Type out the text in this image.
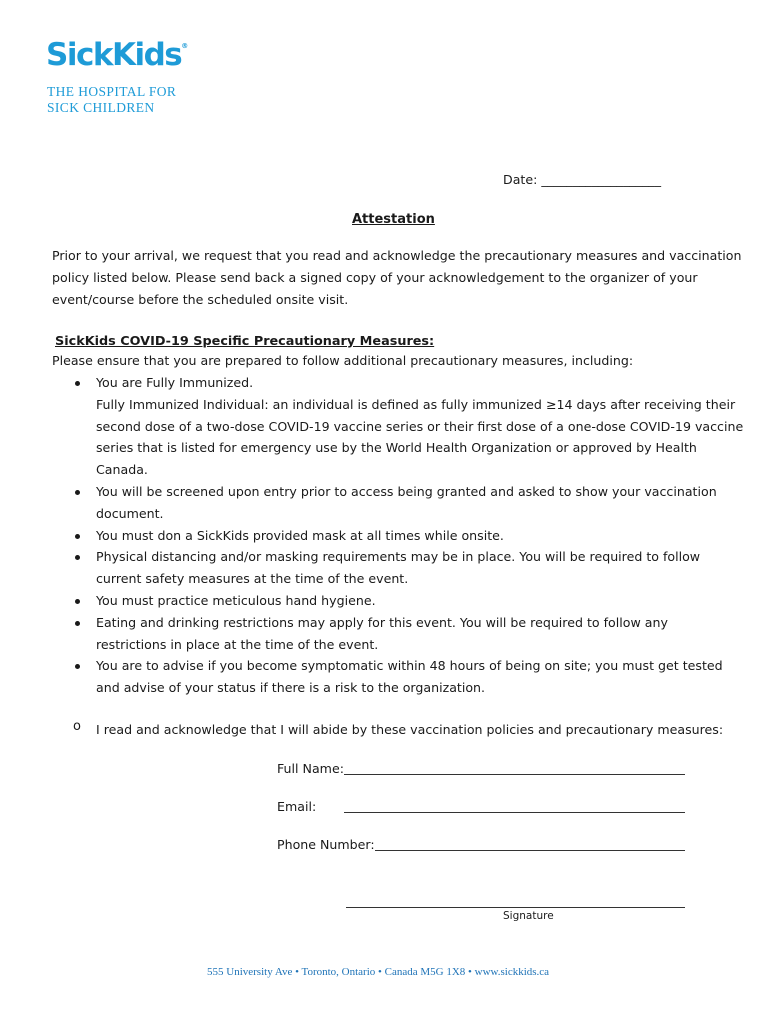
SickKids®
THE HOSPITAL FOR
SICK CHILDREN
Date: ___________________
Attestation
Prior to your arrival, we request that you read and acknowledge the precautionary measures and vaccination
policy listed below. Please send back a signed copy of your acknowledgement to the organizer of your
event/course before the scheduled onsite visit.
SickKids COVID-19 Specific Precautionary Measures:
Please ensure that you are prepared to follow additional precautionary measures, including:
You are Fully Immunized.
Fully Immunized Individual: an individual is defined as fully immunized ≥14 days after receiving their
second dose of a two-dose COVID-19 vaccine series or their first dose of a one-dose COVID-19 vaccine
series that is listed for emergency use by the World Health Organization or approved by Health
Canada.
You will be screened upon entry prior to access being granted and asked to show your vaccination
document.
You must don a SickKids provided mask at all times while onsite.
Physical distancing and/or masking requirements may be in place. You will be required to follow
current safety measures at the time of the event.
You must practice meticulous hand hygiene.
Eating and drinking restrictions may apply for this event. You will be required to follow any
restrictions in place at the time of the event.
You are to advise if you become symptomatic within 48 hours of being on site; you must get tested
and advise of your status if there is a risk to the organization.
o I read and acknowledge that I will abide by these vaccination policies and precautionary measures:
Full Name:
Email:
Phone Number:
Signature
555 University Ave • Toronto, Ontario • Canada M5G 1X8 • www.sickkids.ca
